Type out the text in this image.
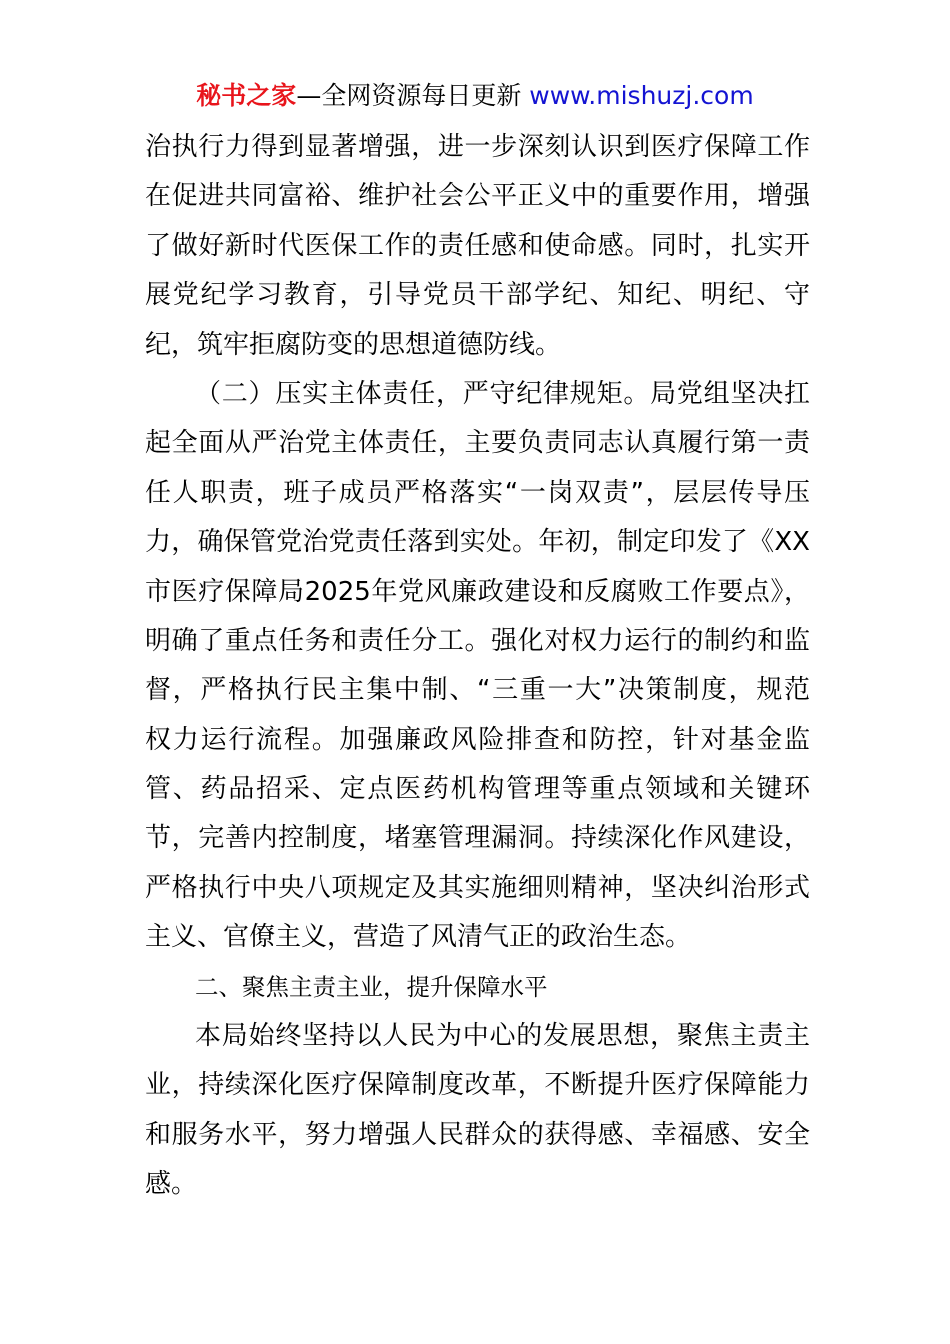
秘书之家—全网资源每日更新 www.mishuzj.com
治执行力得到显著增强，进一步深刻认识到医疗保障工作
在促进共同富裕、维护社会公平正义中的重要作用，增强
了做好新时代医保工作的责任感和使命感。同时，扎实开
展党纪学习教育，引导党员干部学纪、知纪、明纪、守
纪，筑牢拒腐防变的思想道德防线。
（二）压实主体责任，严守纪律规矩。局党组坚决扛
起全面从严治党主体责任，主要负责同志认真履行第一责
任人职责，班子成员严格落实“一岗双责”，层层传导压
力，确保管党治党责任落到实处。年初，制定印发了《XX
市医疗保障局2025年党风廉政建设和反腐败工作要点》，
明确了重点任务和责任分工。强化对权力运行的制约和监
督，严格执行民主集中制、“三重一大”决策制度，规范
权力运行流程。加强廉政风险排查和防控，针对基金监
管、药品招采、定点医药机构管理等重点领域和关键环
节，完善内控制度，堵塞管理漏洞。持续深化作风建设，
严格执行中央八项规定及其实施细则精神，坚决纠治形式
主义、官僚主义，营造了风清气正的政治生态。
二、聚焦主责主业，提升保障水平
本局始终坚持以人民为中心的发展思想，聚焦主责主
业，持续深化医疗保障制度改革，不断提升医疗保障能力
和服务水平，努力增强人民群众的获得感、幸福感、安全
感。
